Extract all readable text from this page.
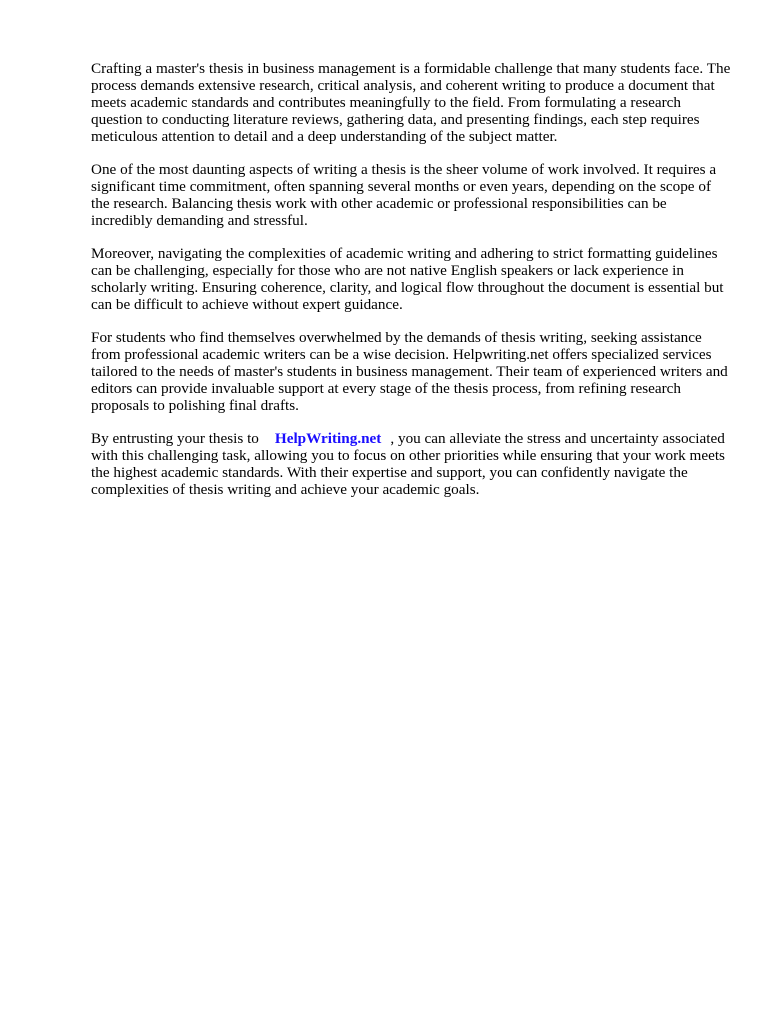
Crafting a master's thesis in business management is a formidable challenge that many students face. The process demands extensive research, critical analysis, and coherent writing to produce a document that meets academic standards and contributes meaningfully to the field. From formulating a research question to conducting literature reviews, gathering data, and presenting findings, each step requires meticulous attention to detail and a deep understanding of the subject matter.

One of the most daunting aspects of writing a thesis is the sheer volume of work involved. It requires a significant time commitment, often spanning several months or even years, depending on the scope of the research. Balancing thesis work with other academic or professional responsibilities can be incredibly demanding and stressful.

Moreover, navigating the complexities of academic writing and adhering to strict formatting guidelines can be challenging, especially for those who are not native English speakers or lack experience in scholarly writing. Ensuring coherence, clarity, and logical flow throughout the document is essential but can be difficult to achieve without expert guidance.

For students who find themselves overwhelmed by the demands of thesis writing, seeking assistance from professional academic writers can be a wise decision. Helpwriting.net offers specialized services tailored to the needs of master's students in business management. Their team of experienced writers and editors can provide invaluable support at every stage of the thesis process, from refining research proposals to polishing final drafts.

By entrusting your thesis to HelpWriting.net , you can alleviate the stress and uncertainty associated with this challenging task, allowing you to focus on other priorities while ensuring that your work meets the highest academic standards. With their expertise and support, you can confidently navigate the complexities of thesis writing and achieve your academic goals.
